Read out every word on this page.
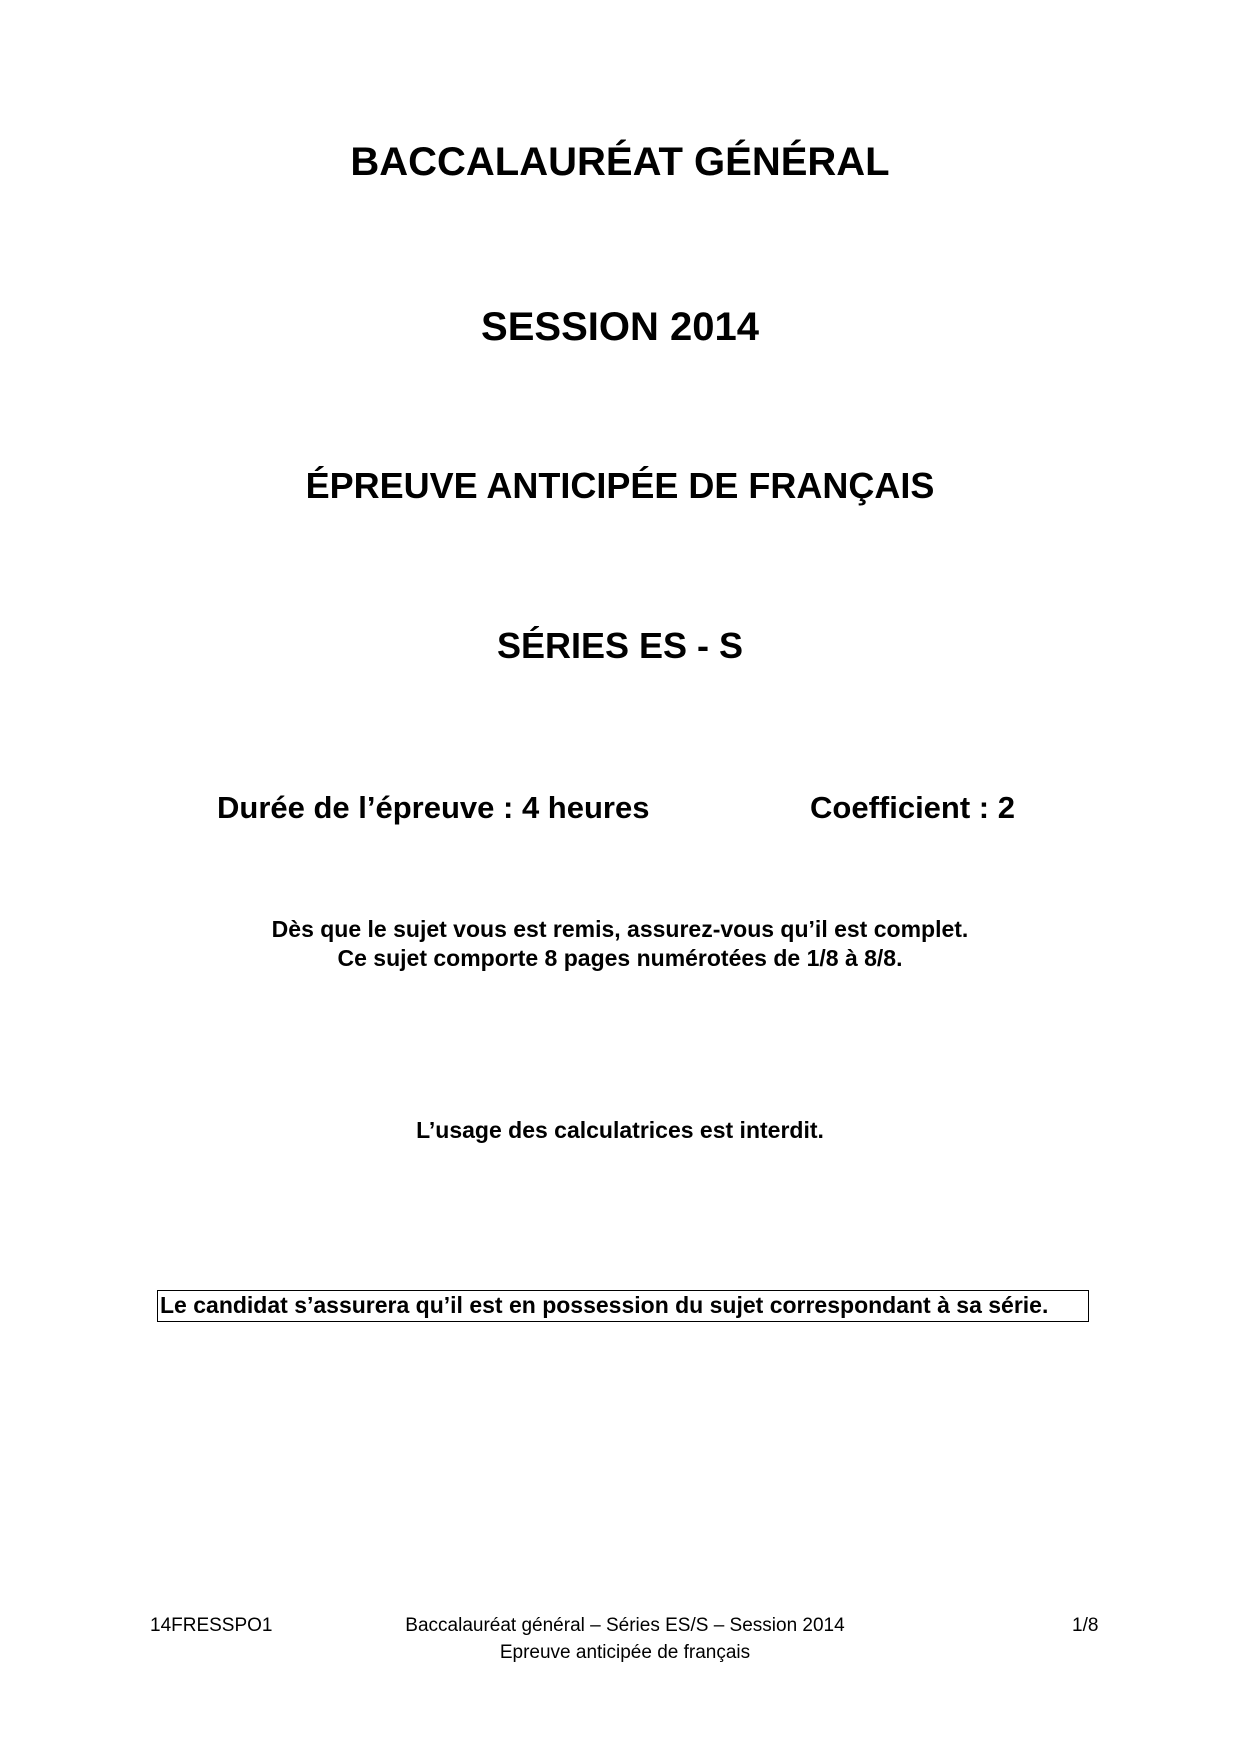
BACCALAURÉAT GÉNÉRAL
SESSION 2014
ÉPREUVE ANTICIPÉE DE FRANÇAIS
SÉRIES ES - S
Durée de l’épreuve : 4 heures	Coefficient : 2
Dès que le sujet vous est remis, assurez-vous qu’il est complet.
Ce sujet comporte 8 pages numérotées de 1/8 à 8/8.
L’usage des calculatrices est interdit.
Le candidat s’assurera qu’il est en possession du sujet correspondant à sa série.
14FRESSPO1	Baccalauréat général – Séries ES/S – Session 2014
Epreuve anticipée de français
1/8
